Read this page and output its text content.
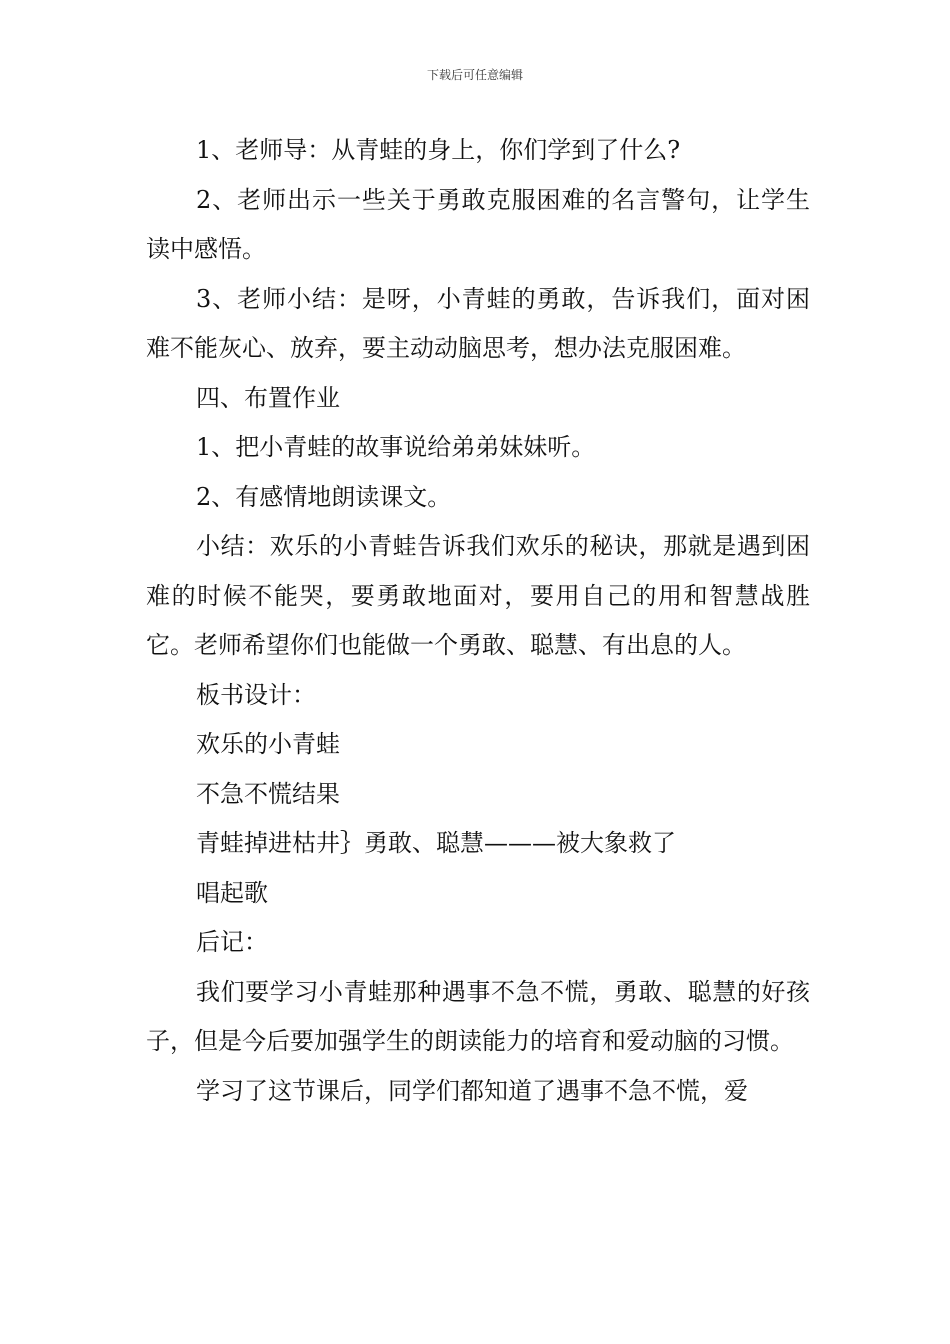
下载后可任意编辑

1、老师导：从青蛙的身上，你们学到了什么?

2、老师出示一些关于勇敢克服困难的名言警句，让学生读中感悟。

3、老师小结：是呀，小青蛙的勇敢，告诉我们，面对困难不能灰心、放弃，要主动动脑思考，想办法克服困难。

四、布置作业

1、把小青蛙的故事说给弟弟妹妹听。

2、有感情地朗读课文。

小结：欢乐的小青蛙告诉我们欢乐的秘诀，那就是遇到困难的时候不能哭，要勇敢地面对，要用自己的用和智慧战胜它。老师希望你们也能做一个勇敢、聪慧、有出息的人。

板书设计：

欢乐的小青蛙

不急不慌结果

青蛙掉进枯井｝勇敢、聪慧———被大象救了

唱起歌

后记：

我们要学习小青蛙那种遇事不急不慌，勇敢、聪慧的好孩子，但是今后要加强学生的朗读能力的培育和爱动脑的习惯。

学习了这节课后，同学们都知道了遇事不急不慌，爱
